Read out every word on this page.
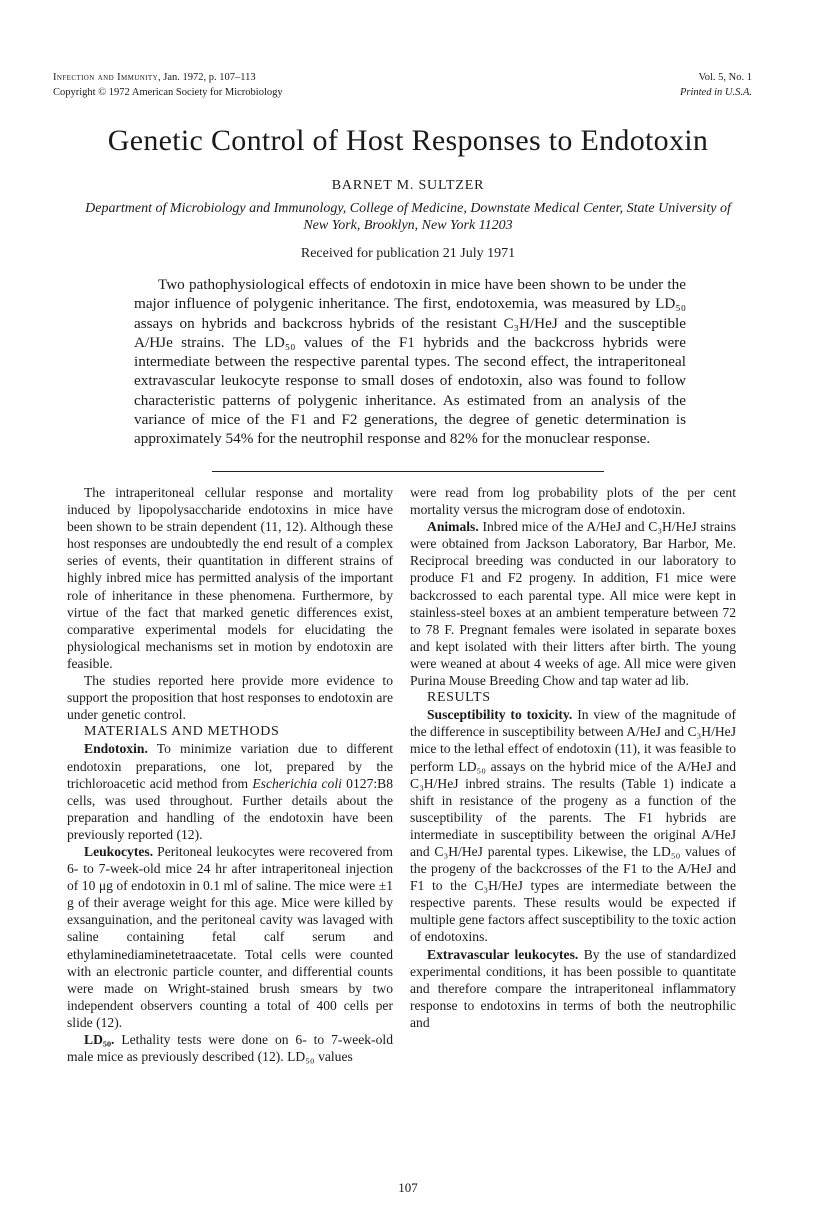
Infection and Immunity, Jan. 1972, p. 107–113
Copyright © 1972 American Society for Microbiology
Vol. 5, No. 1
Printed in U.S.A.
Genetic Control of Host Responses to Endotoxin
BARNET M. SULTZER
Department of Microbiology and Immunology, College of Medicine, Downstate Medical Center, State University of New York, Brooklyn, New York 11203
Received for publication 21 July 1971

Two pathophysiological effects of endotoxin in mice have been shown to be under the major influence of polygenic inheritance. The first, endotoxemia, was measured by LD₅₀ assays on hybrids and backcross hybrids of the resistant C₃H/HeJ and the susceptible A/HJe strains. The LD₅₀ values of the F1 hybrids and the backcross hybrids were intermediate between the respective parental types. The second effect, the intraperitoneal extravascular leukocyte response to small doses of endotoxin, also was found to follow characteristic patterns of polygenic inheritance. As estimated from an analysis of the variance of mice of the F1 and F2 generations, the degree of genetic determination is approximately 54% for the neutrophil response and 82% for the monuclear response.

The intraperitoneal cellular response and mortality induced by lipopolysaccharide endotoxins in mice have been shown to be strain dependent (11, 12). Although these host responses are undoubtedly the end result of a complex series of events, their quantitation in different strains of highly inbred mice has permitted analysis of the important role of inheritance in these phenomena. Furthermore, by virtue of the fact that marked genetic differences exist, comparative experimental models for elucidating the physiological mechanisms set in motion by endotoxin are feasible.

The studies reported here provide more evidence to support the proposition that host responses to endotoxin are under genetic control.

MATERIALS AND METHODS

Endotoxin. To minimize variation due to different endotoxin preparations, one lot, prepared by the trichloroacetic acid method from Escherichia coli 0127:B8 cells, was used throughout. Further details about the preparation and handling of the endotoxin have been previously reported (12).

Leukocytes. Peritoneal leukocytes were recovered from 6- to 7-week-old mice 24 hr after intraperitoneal injection of 10 μg of endotoxin in 0.1 ml of saline. The mice were ±1 g of their average weight for this age. Mice were killed by exsanguination, and the peritoneal cavity was lavaged with saline containing fetal calf serum and ethylaminediaminetetraacetate. Total cells were counted with an electronic particle counter, and differential counts were made on Wright-stained brush smears by two independent observers counting a total of 400 cells per slide (12).

LD₅₀. Lethality tests were done on 6- to 7-week-old male mice as previously described (12). LD₅₀ values

were read from log probability plots of the per cent mortality versus the microgram dose of endotoxin.

Animals. Inbred mice of the A/HeJ and C₃H/HeJ strains were obtained from Jackson Laboratory, Bar Harbor, Me. Reciprocal breeding was conducted in our laboratory to produce F1 and F2 progeny. In addition, F1 mice were backcrossed to each parental type. All mice were kept in stainless-steel boxes at an ambient temperature between 72 to 78 F. Pregnant females were isolated in separate boxes and kept isolated with their litters after birth. The young were weaned at about 4 weeks of age. All mice were given Purina Mouse Breeding Chow and tap water ad lib.

RESULTS

Susceptibility to toxicity. In view of the magnitude of the difference in susceptibility between A/HeJ and C₃H/HeJ mice to the lethal effect of endotoxin (11), it was feasible to perform LD₅₀ assays on the hybrid mice of the A/HeJ and C₃H/HeJ inbred strains. The results (Table 1) indicate a shift in resistance of the progeny as a function of the susceptibility of the parents. The F1 hybrids are intermediate in susceptibility between the original A/HeJ and C₃H/HeJ parental types. Likewise, the LD₅₀ values of the progeny of the backcrosses of the F1 to the A/HeJ and F1 to the C₃H/HeJ types are intermediate between the respective parents. These results would be expected if multiple gene factors affect susceptibility to the toxic action of endotoxins.

Extravascular leukocytes. By the use of standardized experimental conditions, it has been possible to quantitate and therefore compare the intraperitoneal inflammatory response to endotoxins in terms of both the neutrophilic and

107
